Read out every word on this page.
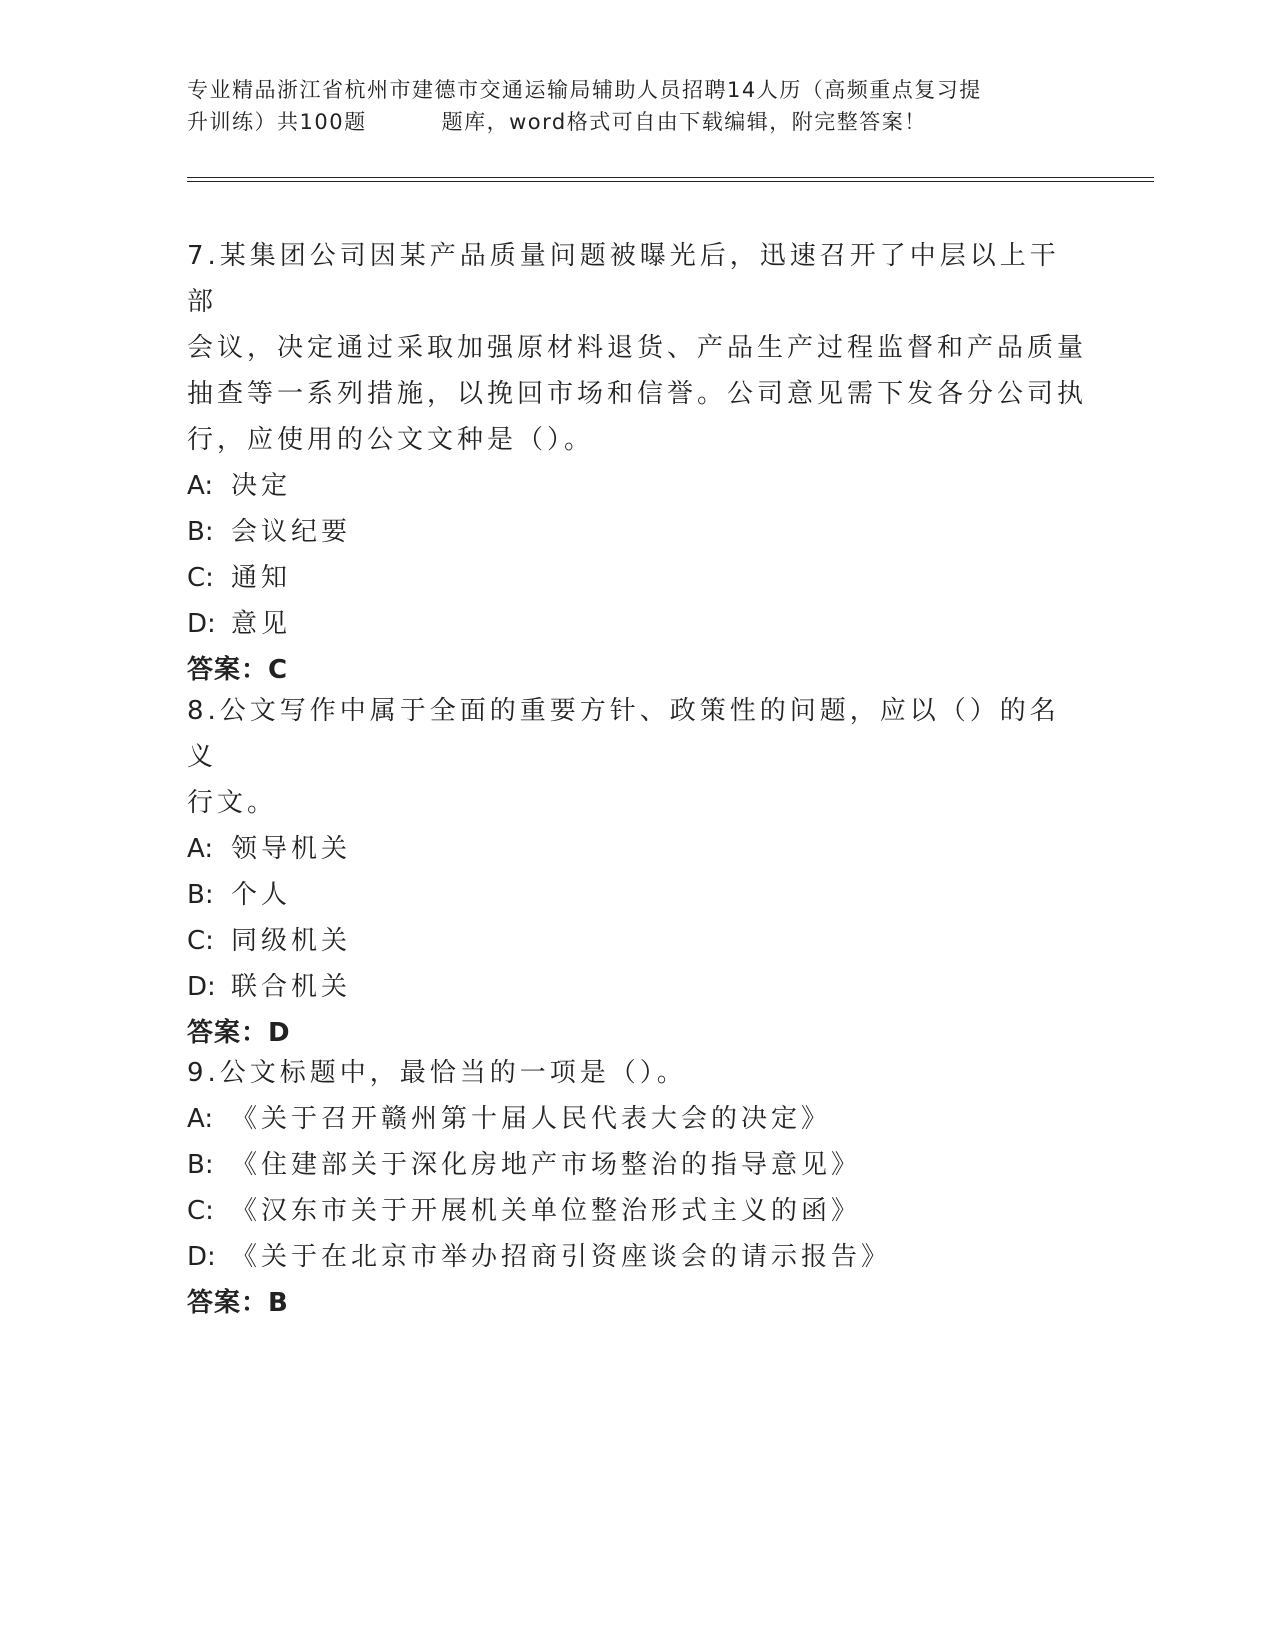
专业精品浙江省杭州市建德市交通运输局辅助人员招聘14人历（高频重点复习提
升训练）共100题	题库，word格式可自由下载编辑，附完整答案！

7.某集团公司因某产品质量问题被曝光后，迅速召开了中层以上干部

会议，决定通过采取加强原材料退货、产品生产过程监督和产品质量

抽查等一系列措施，以挽回市场和信誉。公司意见需下发各分公司执

行，应使用的公文文种是（）。

A: 决定

B: 会议纪要

C: 通知

D: 意见

答案：C

8.公文写作中属于全面的重要方针、政策性的问题，应以（）的名义

行文。

A: 领导机关

B: 个人

C: 同级机关

D: 联合机关

答案：D

9.公文标题中，最恰当的一项是（）。

A: 《关于召开赣州第十届人民代表大会的决定》

B: 《住建部关于深化房地产市场整治的指导意见》

C: 《汉东市关于开展机关单位整治形式主义的函》

D: 《关于在北京市举办招商引资座谈会的请示报告》

答案：B
